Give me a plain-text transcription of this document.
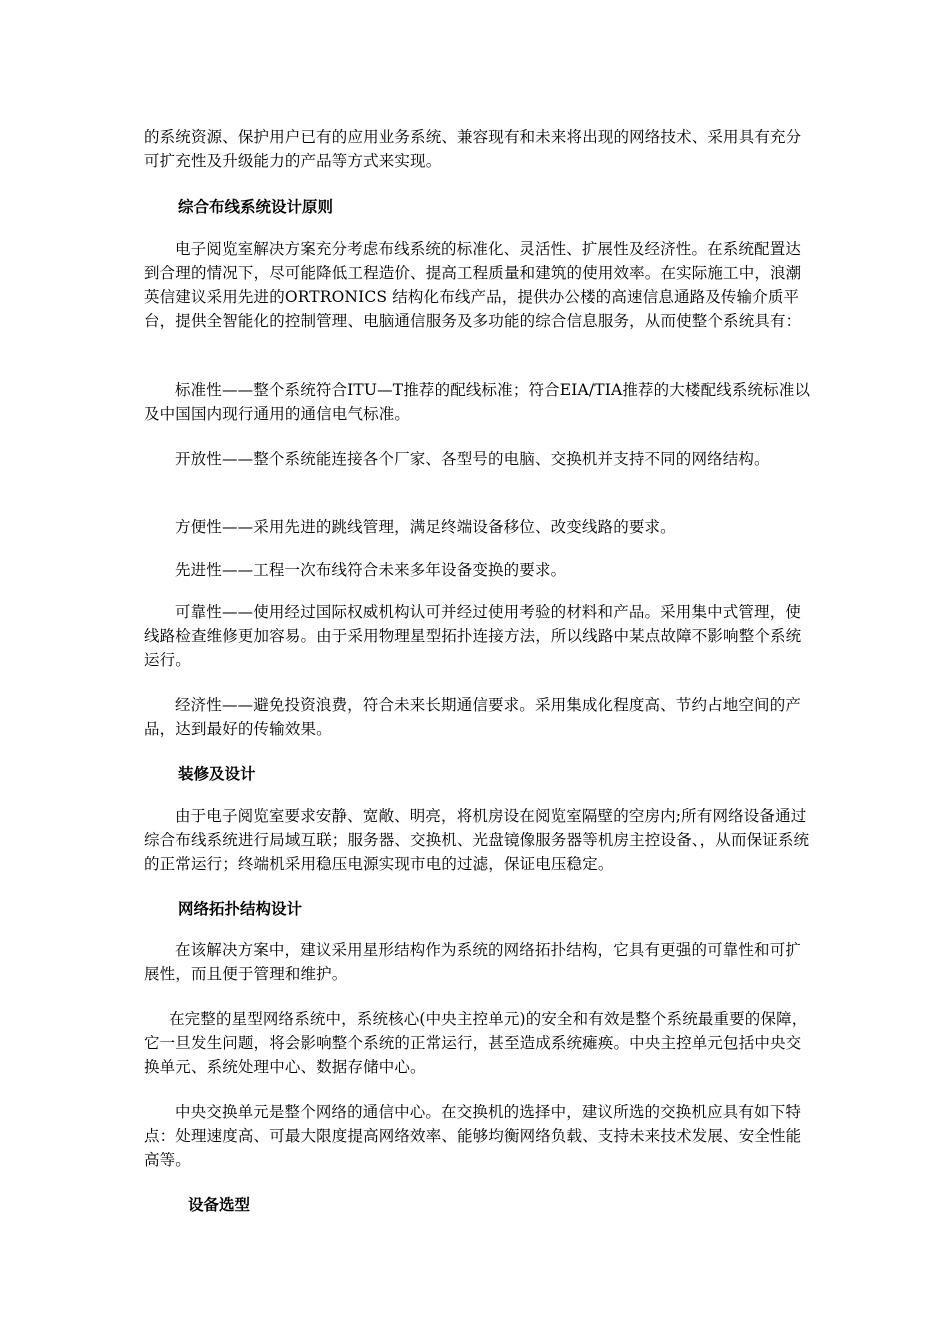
的系统资源、保护用户已有的应用业务系统、兼容现有和未来将出现的网络技术、采用具有充分可扩充性及升级能力的产品等方式来实现。
综合布线系统设计原则
电子阅览室解决方案充分考虑布线系统的标准化、灵活性、扩展性及经济性。在系统配置达到合理的情况下，尽可能降低工程造价、提高工程质量和建筑的使用效率。在实际施工中，浪潮英信建议采用先进的ORTRONICS 结构化布线产品，提供办公楼的高速信息通路及传输介质平台，提供全智能化的控制管理、电脑通信服务及多功能的综合信息服务，从而使整个系统具有：
标准性——整个系统符合ITU—T推荐的配线标准；符合EIA/TIA推荐的大楼配线系统标准以及中国国内现行通用的通信电气标准。
开放性——整个系统能连接各个厂家、各型号的电脑、交换机并支持不同的网络结构。
方便性——采用先进的跳线管理，满足终端设备移位、改变线路的要求。
先进性——工程一次布线符合未来多年设备变换的要求。
可靠性——使用经过国际权威机构认可并经过使用考验的材料和产品。采用集中式管理，使线路检查维修更加容易。由于采用物理星型拓扑连接方法，所以线路中某点故障不影响整个系统运行。
经济性——避免投资浪费，符合未来长期通信要求。采用集成化程度高、节约占地空间的产品，达到最好的传输效果。
装修及设计
由于电子阅览室要求安静、宽敞、明亮，将机房设在阅览室隔壁的空房内;所有网络设备通过综合布线系统进行局域互联；服务器、交换机、光盘镜像服务器等机房主控设备、，从而保证系统的正常运行；终端机采用稳压电源实现市电的过滤，保证电压稳定。
网络拓扑结构设计
在该解决方案中，建议采用星形结构作为系统的网络拓扑结构，它具有更强的可靠性和可扩展性，而且便于管理和维护。
在完整的星型网络系统中，系统核心(中央主控单元)的安全和有效是整个系统最重要的保障，它一旦发生问题，将会影响整个系统的正常运行，甚至造成系统瘫痪。中央主控单元包括中央交换单元、系统处理中心、数据存储中心。
中央交换单元是整个网络的通信中心。在交换机的选择中，建议所选的交换机应具有如下特点：处理速度高、可最大限度提高网络效率、能够均衡网络负载、支持未来技术发展、安全性能高等。
设备选型
